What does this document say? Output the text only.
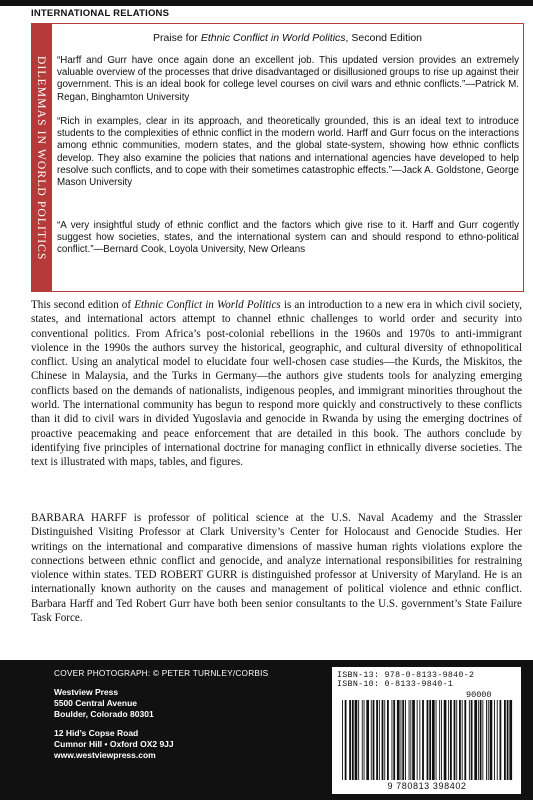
INTERNATIONAL RELATIONS
DILEMMAS IN WORLD POLITICS
Praise for Ethnic Conflict in World Politics, Second Edition

“Harff and Gurr have once again done an excellent job. This updated version provides an extremely valuable overview of the processes that drive disadvantaged or disillusioned groups to rise up against their government. This is an ideal book for college level courses on civil wars and ethnic conflicts.”—Patrick M. Regan, Binghamton University

“Rich in examples, clear in its approach, and theoretically grounded, this is an ideal text to introduce students to the complexities of ethnic conflict in the modern world. Harff and Gurr focus on the interactions among ethnic communities, modern states, and the global state-system, showing how ethnic conflicts develop. They also examine the policies that nations and international agencies have developed to help resolve such conflicts, and to cope with their sometimes catastrophic effects.”—Jack A. Goldstone, George Mason University

“A very insightful study of ethnic conflict and the factors which give rise to it. Harff and Gurr cogently suggest how societies, states, and the international system can and should respond to ethno-political conflict.”—Bernard Cook, Loyola University, New Orleans

This second edition of Ethnic Conflict in World Politics is an introduction to a new era in which civil society, states, and international actors attempt to channel ethnic challenges to world order and security into conventional politics. From Africa’s post-colonial rebellions in the 1960s and 1970s to anti-immigrant violence in the 1990s the authors survey the historical, geographic, and cultural diversity of ethnopolitical conflict. Using an analytical model to elucidate four well-chosen case studies—the Kurds, the Miskitos, the Chinese in Malaysia, and the Turks in Germany—the authors give students tools for analyzing emerging conflicts based on the demands of nationalists, indigenous peoples, and immigrant minorities throughout the world. The international community has begun to respond more quickly and constructively to these conflicts than it did to civil wars in divided Yugoslavia and genocide in Rwanda by using the emerging doctrines of proactive peacemaking and peace enforcement that are detailed in this book. The authors conclude by identifying five principles of international doctrine for managing conflict in ethnically diverse societies. The text is illustrated with maps, tables, and figures.

BARBARA HARFF is professor of political science at the U.S. Naval Academy and the Strassler Distinguished Visiting Professor at Clark University’s Center for Holocaust and Genocide Studies. Her writings on the international and comparative dimensions of massive human rights violations explore the connections between ethnic conflict and genocide, and analyze international responsibilities for restraining violence within states. TED ROBERT GURR is distinguished professor at University of Maryland. He is an internationally known authority on the causes and management of political violence and ethnic conflict. Barbara Harff and Ted Robert Gurr have both been senior consultants to the U.S. government’s State Failure Task Force.

COVER PHOTOGRAPH: © PETER TURNLEY/CORBIS
Westview Press
5500 Central Avenue
Boulder, Colorado 80301
12 Hid’s Copse Road
Cumnor Hill • Oxford OX2 9JJ
www.westviewpress.com
ISBN-13: 978-0-8133-9840-2
ISBN-10: 0-8133-9840-1
90000
9 780813 398402
